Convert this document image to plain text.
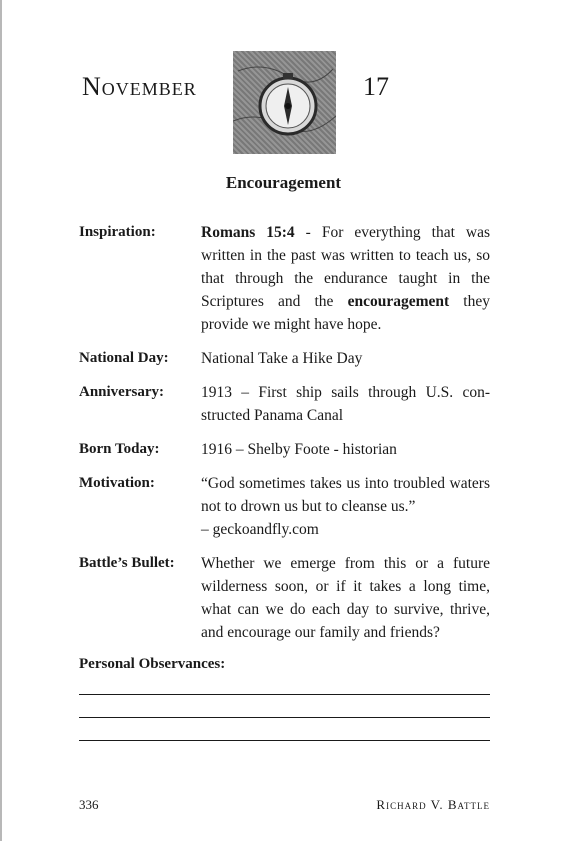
November	17
Encouragement
Inspiration:	Romans 15:4 - For everything that was written in the past was written to teach us, so that through the endurance taught in the Scriptures and the encouragement they provide we might have hope.
National Day:	National Take a Hike Day
Anniversary:	1913 – First ship sails through U.S. con-structed Panama Canal
Born Today:	1916 – Shelby Foote - historian
Motivation:	“God sometimes takes us into troubled waters not to drown us but to cleanse us.”
– geckoandfly.com
Battle’s Bullet:	Whether we emerge from this or a future wilderness soon, or if it takes a long time, what can we do each day to survive, thrive, and encourage our family and friends?
Personal Observances:
336	Richard V. Battle
